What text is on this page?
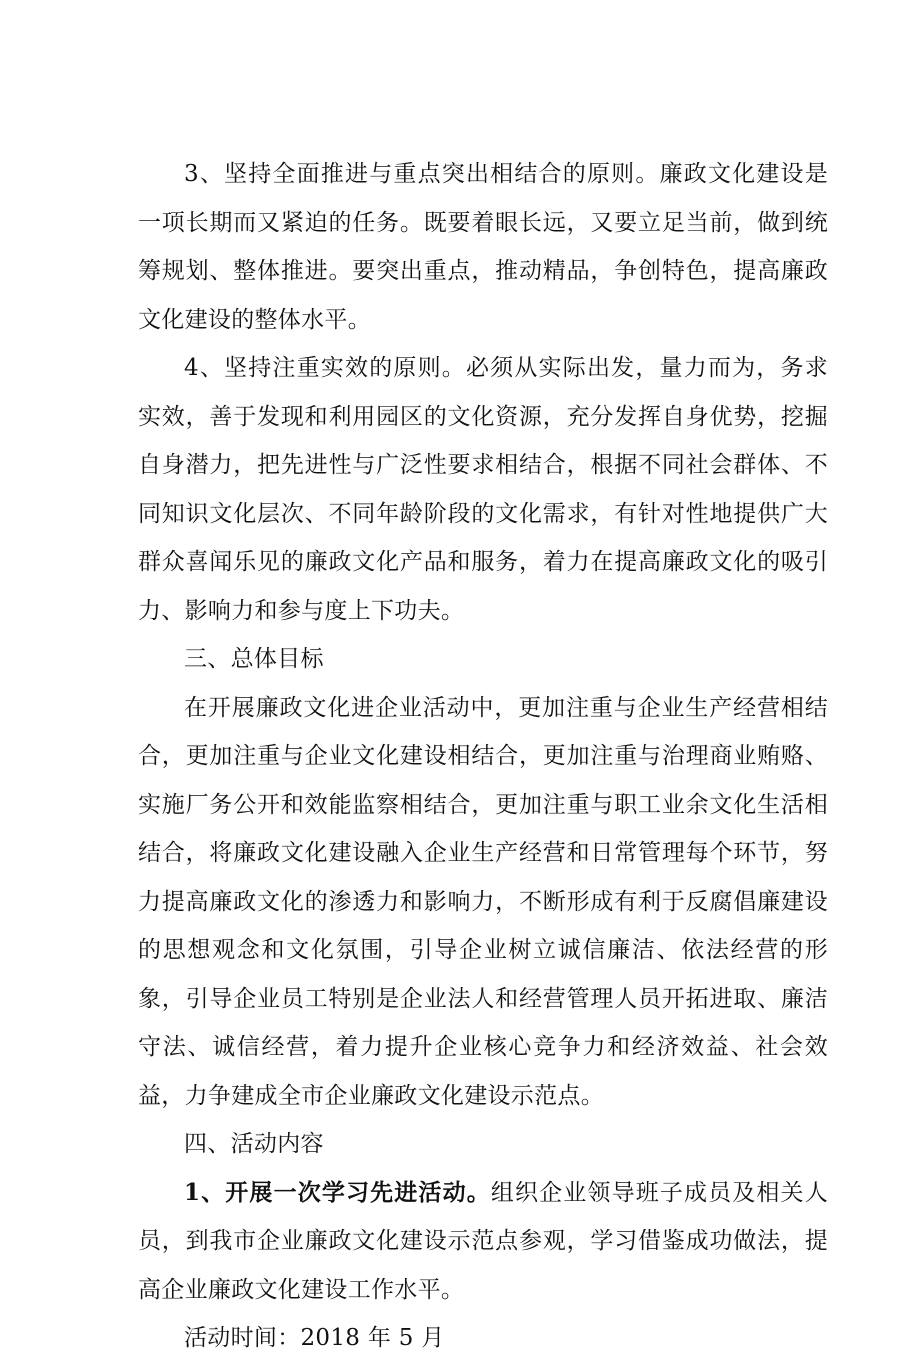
3、坚持全面推进与重点突出相结合的原则。廉政文化建设是一项长期而又紧迫的任务。既要着眼长远，又要立足当前，做到统筹规划、整体推进。要突出重点，推动精品，争创特色，提高廉政文化建设的整体水平。

4、坚持注重实效的原则。必须从实际出发，量力而为，务求实效，善于发现和利用园区的文化资源，充分发挥自身优势，挖掘自身潜力，把先进性与广泛性要求相结合，根据不同社会群体、不同知识文化层次、不同年龄阶段的文化需求，有针对性地提供广大群众喜闻乐见的廉政文化产品和服务，着力在提高廉政文化的吸引力、影响力和参与度上下功夫。

三、总体目标

在开展廉政文化进企业活动中，更加注重与企业生产经营相结合，更加注重与企业文化建设相结合，更加注重与治理商业贿赂、实施厂务公开和效能监察相结合，更加注重与职工业余文化生活相结合，将廉政文化建设融入企业生产经营和日常管理每个环节，努力提高廉政文化的渗透力和影响力，不断形成有利于反腐倡廉建设的思想观念和文化氛围，引导企业树立诚信廉洁、依法经营的形象，引导企业员工特别是企业法人和经营管理人员开拓进取、廉洁守法、诚信经营，着力提升企业核心竞争力和经济效益、社会效益，力争建成全市企业廉政文化建设示范点。

四、活动内容

1、开展一次学习先进活动。组织企业领导班子成员及相关人员，到我市企业廉政文化建设示范点参观，学习借鉴成功做法，提高企业廉政文化建设工作水平。

活动时间：2018 年 5 月
